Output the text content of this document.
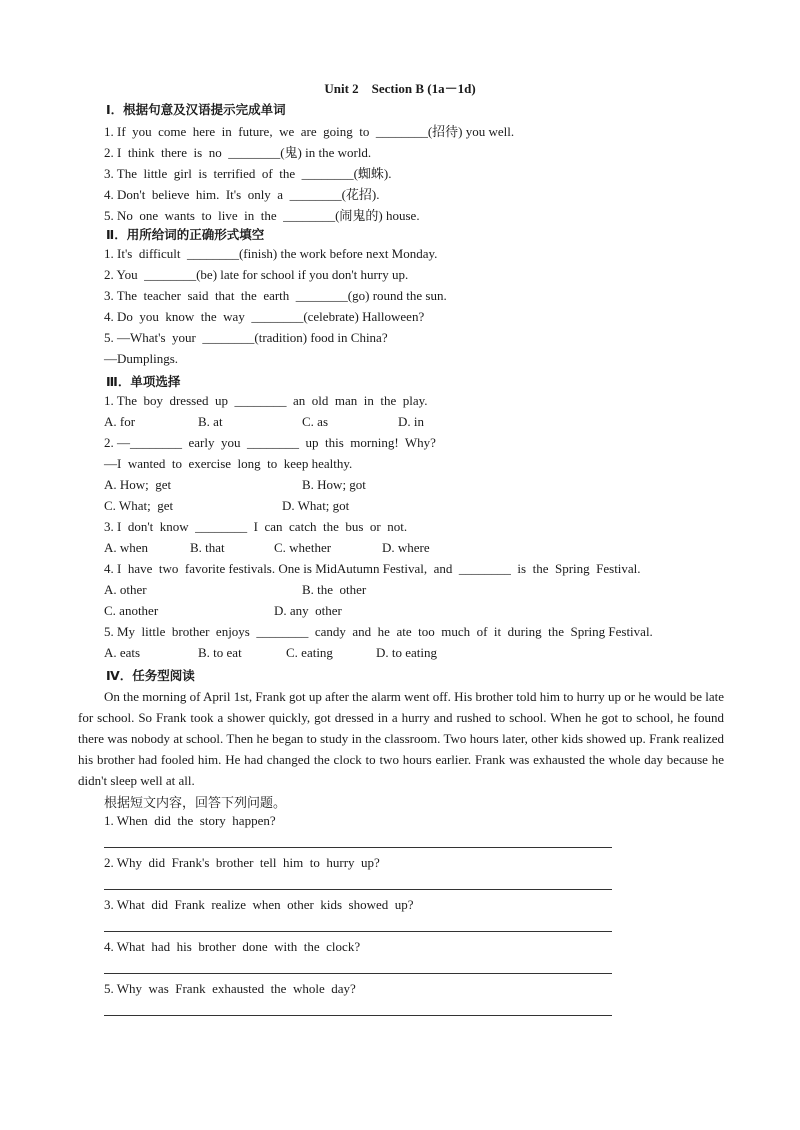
Unit 2    Section B (1a－1d)
Ⅰ．根据句意及汉语提示完成单词
1. If  you  come  here  in  future,  we  are  going  to  ________(招待) you well.
2. I  think  there  is  no  ________(鬼) in the world.
3. The  little  girl  is  terrified  of  the  ________(蜘蛛).
4. Don't  believe  him.  It's  only  a  ________(花招).
5. No  one  wants  to  live  in  the  ________(闹鬼的) house.
Ⅱ．用所给词的正确形式填空
1. It's  difficult  ________(finish) the work before next Monday.
2. You  ________(be) late for school if you don't hurry up.
3. The  teacher  said  that  the  earth  ________(go) round the sun.
4. Do  you  know  the  way  ________(celebrate) Halloween?
5. —What's  your  ________(tradition) food in China?
—Dumplings.
Ⅲ．单项选择
1. The  boy  dressed  up  ________  an  old  man  in  the  play.
A. for	B. at	C. as	D. in
2. —________  early  you  ________  up  this  morning!  Why?
—I  wanted  to  exercise  long  to  keep healthy.
A. How;  get	B. How; got
C. What;  get	D. What; got
3. I  don't  know  ________  I  can  catch  the  bus  or  not.
A. when	B. that	C. whether	D. where
4. I  have  two  favorite festivals. One is MidAutumn Festival,  and  ________  is  the  Spring  Festival.
A. other	B. the  other
C. another	D. any  other
5. My  little  brother  enjoys  ________  candy  and  he  ate  too  much  of  it  during  the  Spring Festival.
A. eats	B. to eat	C. eating	D. to eating
Ⅳ．任务型阅读

On the morning of April 1st, Frank got up after the alarm went off. His brother told him to hurry up or he would be late for school. So Frank took a shower quickly, got dressed in a hurry and rushed to school. When he got to school, he found there was nobody at school. Then he began to study in the classroom. Two hours later, other kids showed up. Frank realized his brother had fooled him. He had changed the clock to two hours earlier. Frank was exhausted the whole day because he didn't sleep well at all.

根据短文内容，回答下列问题。
1. When  did  the  story  happen?
2. Why  did  Frank's  brother  tell  him  to  hurry  up?
3. What  did  Frank  realize  when  other  kids  showed  up?
4. What  had  his  brother  done  with  the  clock?
5. Why  was  Frank  exhausted  the  whole  day?
